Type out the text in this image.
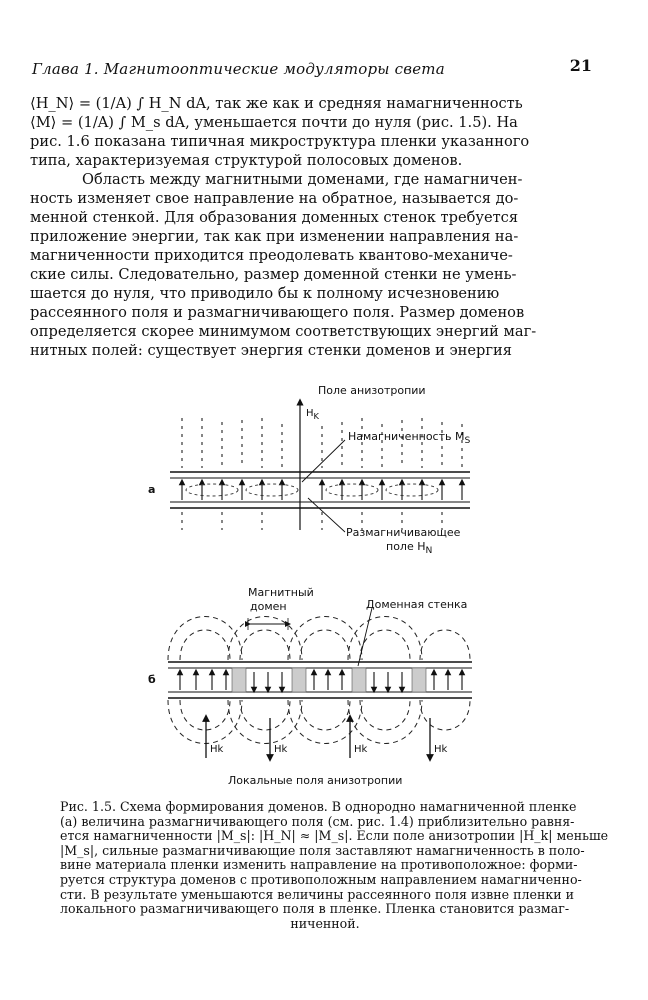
Глава 1. Магнитооптические модуляторы света	21

⟨H_N⟩ = (1/A) ∫ H_N dA, так же как и средняя намагниченность
⟨M⟩ = (1/A) ∫ M_s dA, уменьшается почти до нуля (рис. 1.5). На
рис. 1.6 показана типичная микроструктура пленки указанного
типа, характеризуемая структурой полосовых доменов.

Область между магнитными доменами, где намагничен-
ность изменяет свое направление на обратное, называется до-
менной стенкой. Для образования доменных стенок требуется
приложение энергии, так как при изменении направления на-
магниченности приходится преодолевать квантово-механиче-
ские силы. Следовательно, размер доменной стенки не умень-
шается до нуля, что приводило бы к полному исчезновению
рассеянного поля и размагничивающего поля. Размер доменов
определяется скорее минимумом соответствующих энергий маг-
нитных полей: существует энергия стенки доменов и энергия

Поле анизотропии
$H_K$
Намагниченность $M_S$
а
Размагничивающее
поле $H_N$
Магнитный
домен	Доменная стенка
б
Hk	Hk	Hk	Hk
Локальные поля анизотропии
Рис. 1.5. Схема формирования доменов. В однородно намагниченной пленке
(a) величина размагничивающего поля (см. рис. 1.4) приблизительно равня-
ется намагниченности |M_s|: |H_N| ≈ |M_s|. Если поле анизотропии |H_k| меньше
|M_s|, сильные размагничивающие поля заставляют намагниченность в поло-
вине материала пленки изменить направление на противоположное: форми-
руется структура доменов с противоположным направлением намагниченно-
сти. В результате уменьшаются величины рассеянного поля извне пленки и
локального размагничивающего поля в пленке. Пленка становится размаг-
ниченной.
